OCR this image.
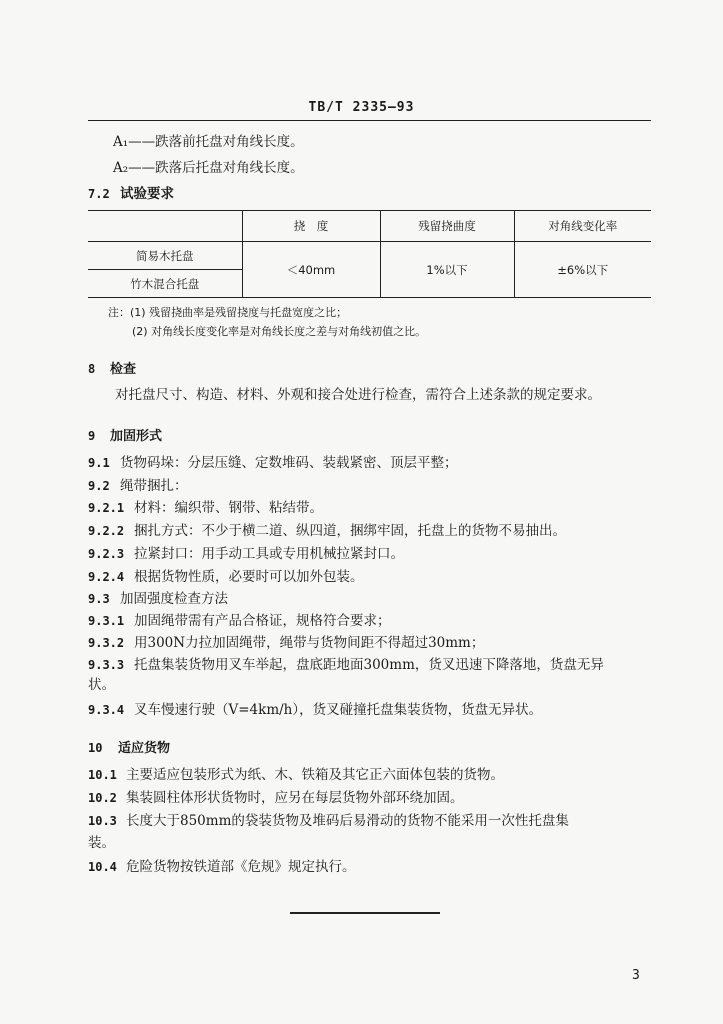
TB/T 2335—93
A₁——跌落前托盘对角线长度。
A₂——跌落后托盘对角线长度。
7.2 试验要求
	挠　度	残留挠曲度	对角线变化率
简易木托盘	＜40mm	1%以下	±6%以下
竹木混合托盘			
注：(1) 残留挠曲率是残留挠度与托盘宽度之比；
(2) 对角线长度变化率是对角线长度之差与对角线初值之比。
8 检查
对托盘尺寸、构造、材料、外观和接合处进行检查，需符合上述条款的规定要求。
9 加固形式
9.1 货物码垛：分层压缝、定数堆码、装载紧密、顶层平整；
9.2 绳带捆扎：
9.2.1 材料：编织带、钢带、粘结带。
9.2.2 捆扎方式：不少于横二道、纵四道，捆绑牢固，托盘上的货物不易抽出。
9.2.3 拉紧封口：用手动工具或专用机械拉紧封口。
9.2.4 根据货物性质，必要时可以加外包装。
9.3 加固强度检查方法
9.3.1 加固绳带需有产品合格证，规格符合要求；
9.3.2 用300N力拉加固绳带，绳带与货物间距不得超过30mm；
9.3.3 托盘集装货物用叉车举起，盘底距地面300mm，货叉迅速下降落地，货盘无异
状。
9.3.4 叉车慢速行驶（V=4km/h），货叉碰撞托盘集装货物，货盘无异状。
10 适应货物
10.1 主要适应包装形式为纸、木、铁箱及其它正六面体包装的货物。
10.2 集装圆柱体形状货物时，应另在每层货物外部环绕加固。
10.3 长度大于850mm的袋装货物及堆码后易滑动的货物不能采用一次性托盘集
装。
10.4 危险货物按铁道部《危规》规定执行。
3
